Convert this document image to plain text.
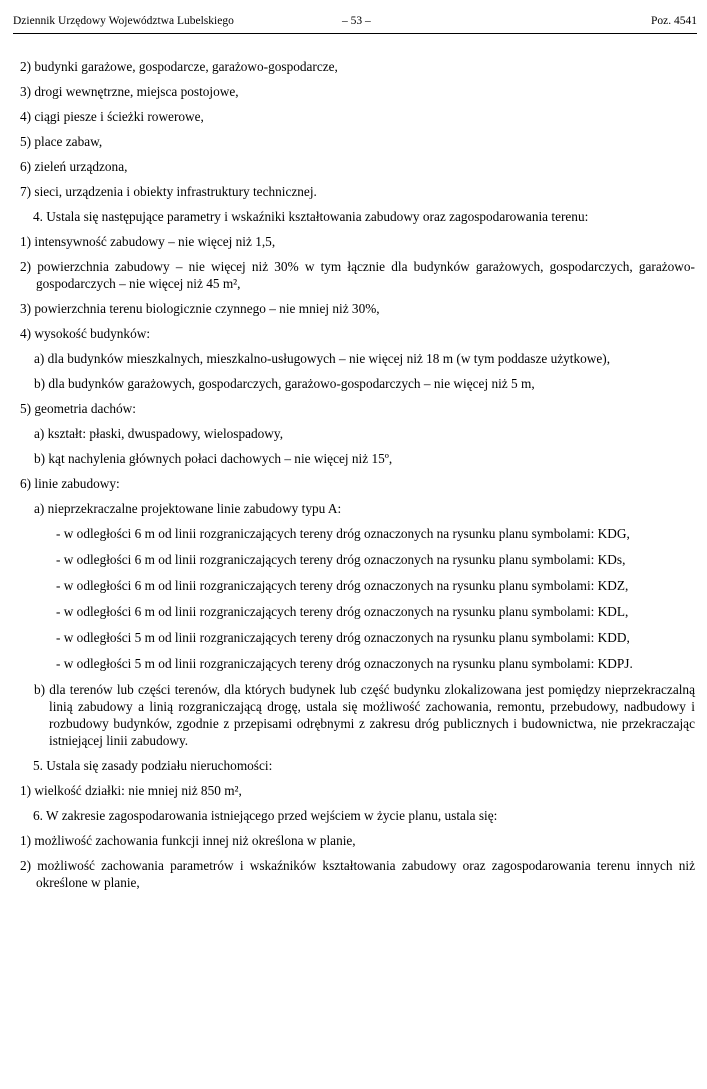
Dziennik Urzędowy Województwa Lubelskiego	– 53 –	Poz. 4541

2) budynki garażowe, gospodarcze, garażowo-gospodarcze,

3) drogi wewnętrzne, miejsca postojowe,

4) ciągi piesze i ścieżki rowerowe,

5) place zabaw,

6) zieleń urządzona,

7) sieci, urządzenia i obiekty infrastruktury technicznej.

4. Ustala się następujące parametry i wskaźniki kształtowania zabudowy oraz zagospodarowania terenu:

1) intensywność zabudowy – nie więcej niż 1,5,

2) powierzchnia zabudowy – nie więcej niż 30% w tym łącznie dla budynków garażowych, gospodarczych, garażowo-gospodarczych – nie więcej niż 45 m²,

3) powierzchnia terenu biologicznie czynnego – nie mniej niż 30%,

4) wysokość budynków:

a) dla budynków mieszkalnych, mieszkalno-usługowych – nie więcej niż 18 m (w tym poddasze użytkowe),

b) dla budynków garażowych, gospodarczych, garażowo-gospodarczych – nie więcej niż 5 m,

5) geometria dachów:

a) kształt: płaski, dwuspadowy, wielospadowy,

b) kąt nachylenia głównych połaci dachowych – nie więcej niż 15º,

6) linie zabudowy:

a) nieprzekraczalne projektowane linie zabudowy typu A:

- w odległości 6 m od linii rozgraniczających tereny dróg oznaczonych na rysunku planu symbolami: KDG,

- w odległości 6 m od linii rozgraniczających tereny dróg oznaczonych na rysunku planu symbolami: KDs,

- w odległości 6 m od linii rozgraniczających tereny dróg oznaczonych na rysunku planu symbolami: KDZ,

- w odległości 6 m od linii rozgraniczających tereny dróg oznaczonych na rysunku planu symbolami: KDL,

- w odległości 5 m od linii rozgraniczających tereny dróg oznaczonych na rysunku planu symbolami: KDD,

- w odległości 5 m od linii rozgraniczających tereny dróg oznaczonych na rysunku planu symbolami: KDPJ.

b) dla terenów lub części terenów, dla których budynek lub część budynku zlokalizowana jest pomiędzy nieprzekraczalną linią zabudowy a linią rozgraniczającą drogę, ustala się możliwość zachowania, remontu, przebudowy, nadbudowy i rozbudowy budynków, zgodnie z przepisami odrębnymi z zakresu dróg publicznych i budownictwa, nie przekraczając istniejącej linii zabudowy.

5. Ustala się zasady podziału nieruchomości:

1) wielkość działki: nie mniej niż 850 m²,

6. W zakresie zagospodarowania istniejącego przed wejściem w życie planu, ustala się:

1) możliwość zachowania funkcji innej niż określona w planie,

2) możliwość zachowania parametrów i wskaźników kształtowania zabudowy oraz zagospodarowania terenu innych niż określone w planie,
